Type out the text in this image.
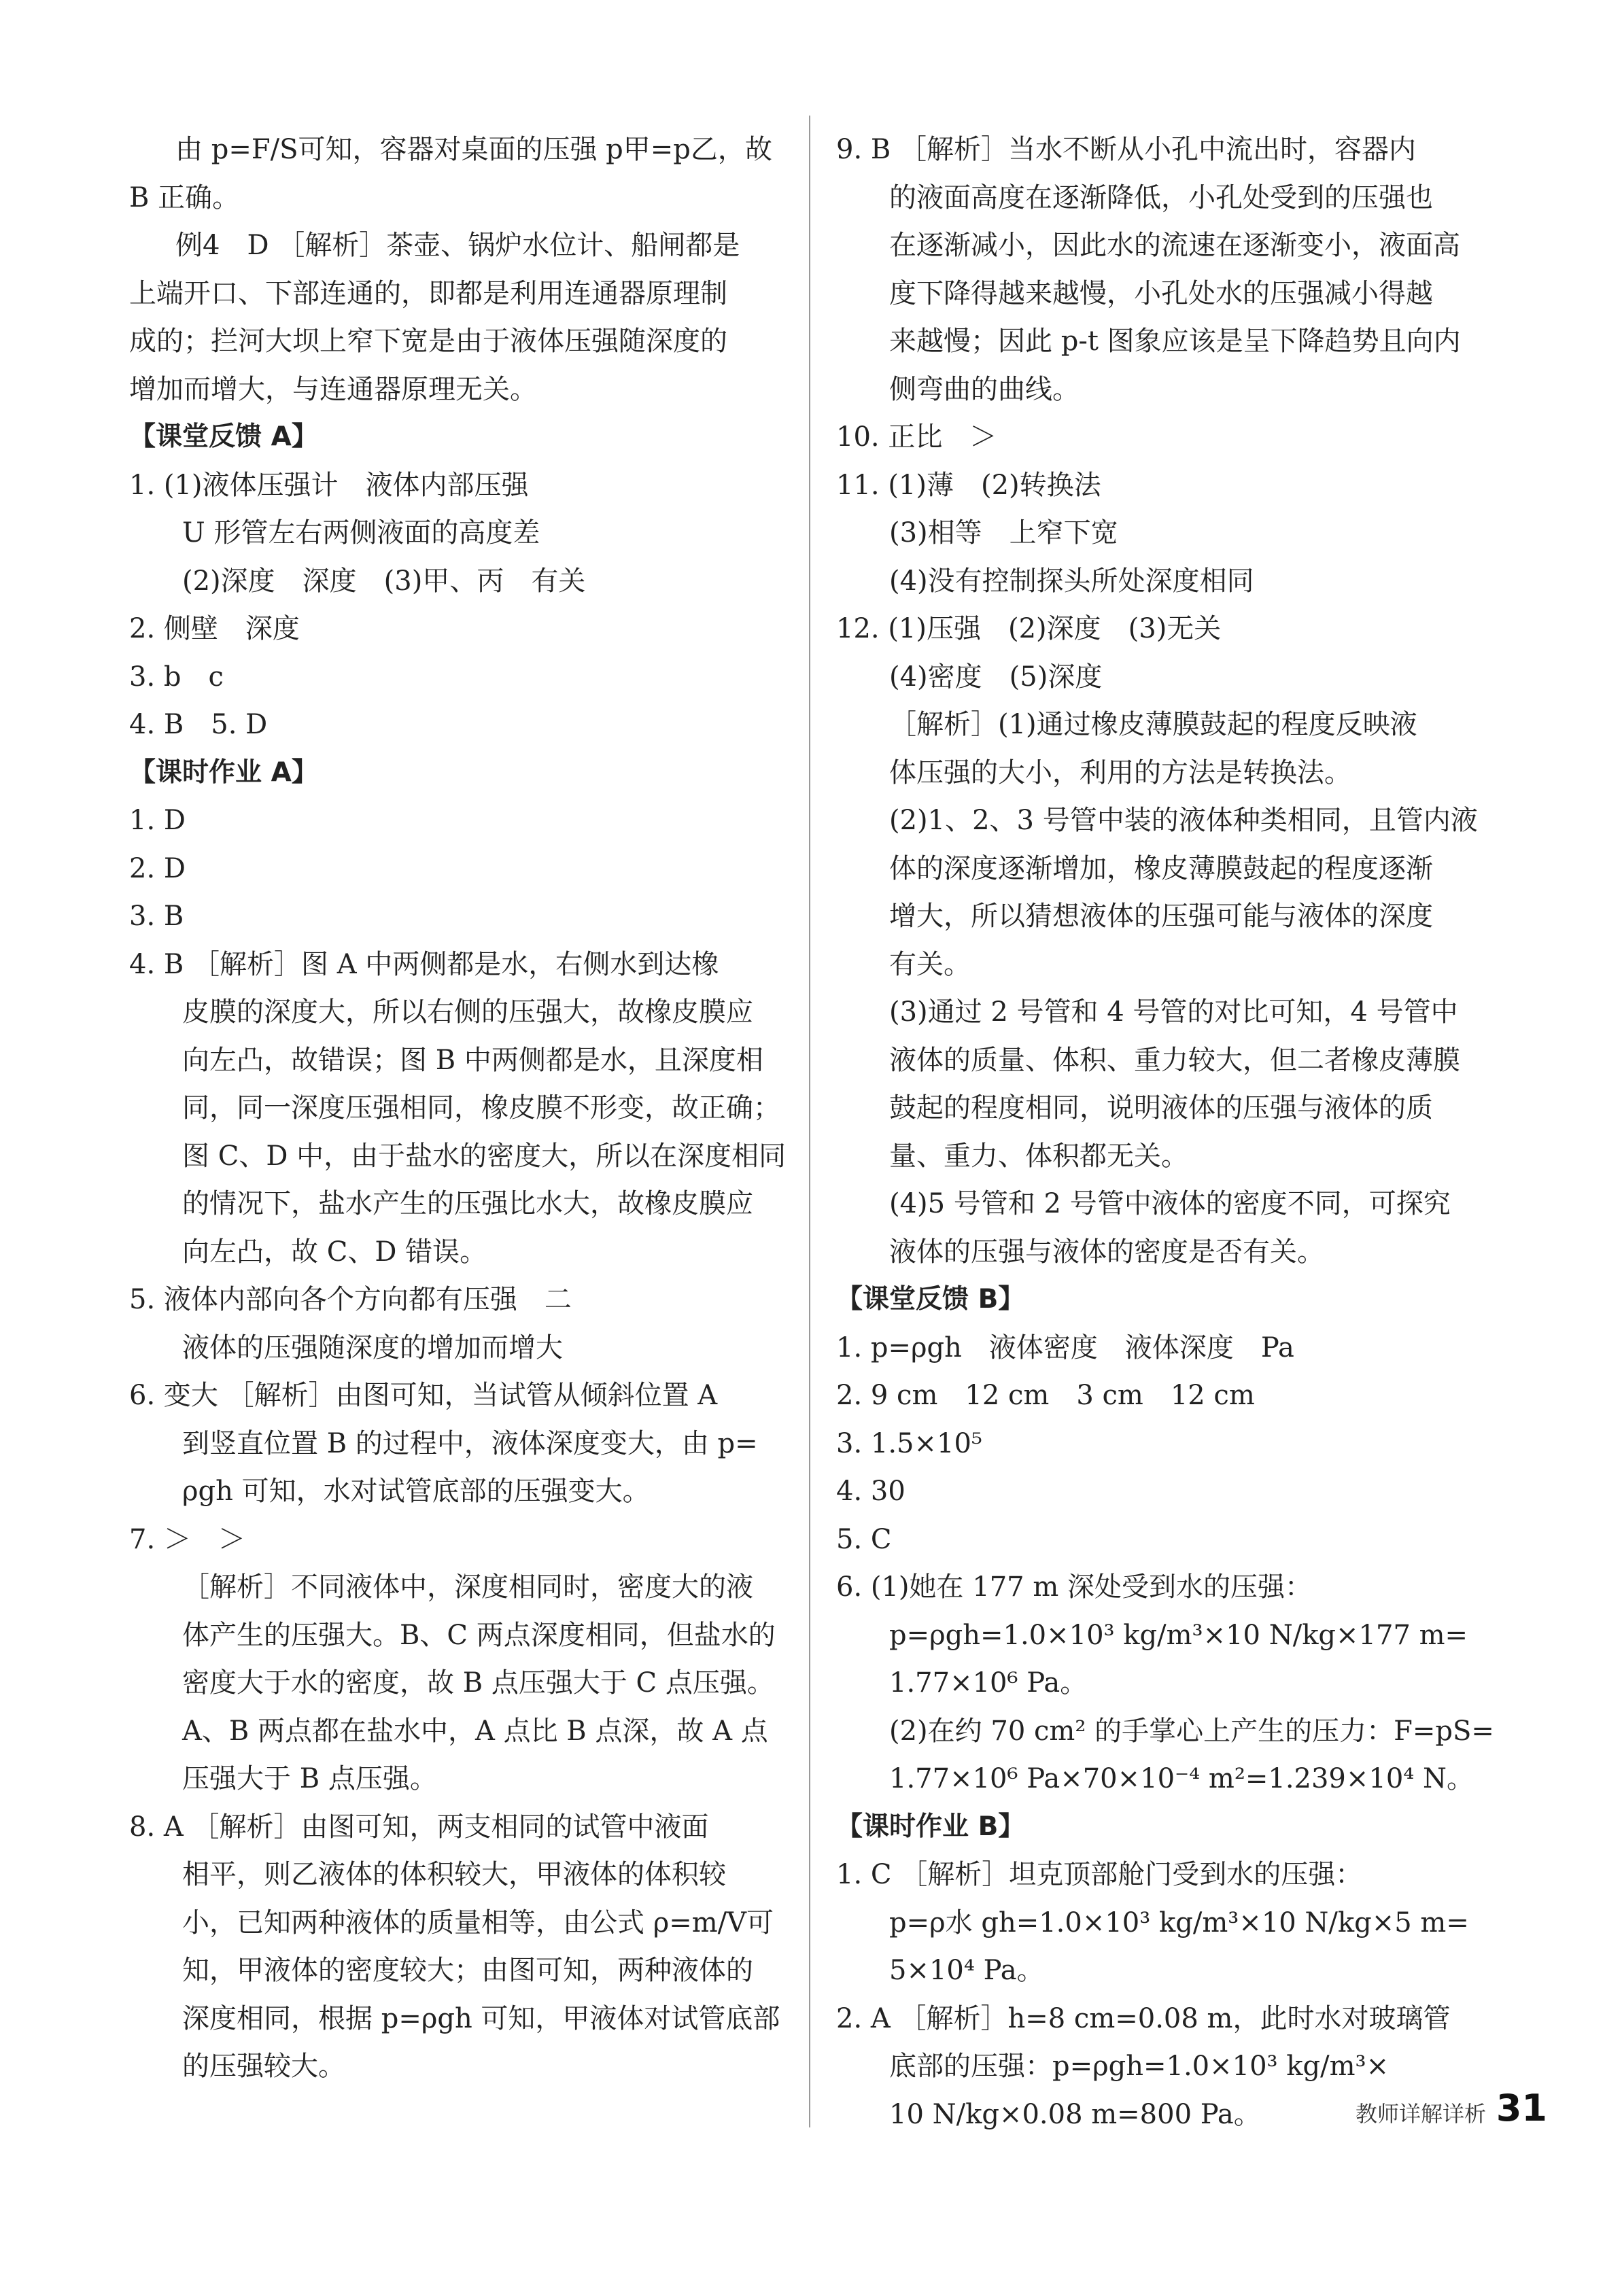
由 p=F/S可知，容器对桌面的压强 p甲=p乙，故
B 正确。
例4　D ［解析］茶壶、锅炉水位计、船闸都是
上端开口、下部连通的，即都是利用连通器原理制
成的；拦河大坝上窄下宽是由于液体压强随深度的
增加而增大，与连通器原理无关。
【课堂反馈 A】
1. (1)液体压强计　液体内部压强
U 形管左右两侧液面的高度差
(2)深度　深度　(3)甲、丙　有关
2. 侧壁　深度
3. b　c
4. B　5. D
【课时作业 A】
1. D
2. D
3. B
4. B ［解析］图 A 中两侧都是水，右侧水到达橡
皮膜的深度大，所以右侧的压强大，故橡皮膜应
向左凸，故错误；图 B 中两侧都是水，且深度相
同，同一深度压强相同，橡皮膜不形变，故正确；
图 C、D 中，由于盐水的密度大，所以在深度相同
的情况下，盐水产生的压强比水大，故橡皮膜应
向左凸，故 C、D 错误。
5. 液体内部向各个方向都有压强　二
液体的压强随深度的增加而增大
6. 变大 ［解析］由图可知，当试管从倾斜位置 A
到竖直位置 B 的过程中，液体深度变大，由 p=
ρgh 可知，水对试管底部的压强变大。
7. ＞　＞
［解析］不同液体中，深度相同时，密度大的液
体产生的压强大。B、C 两点深度相同，但盐水的
密度大于水的密度，故 B 点压强大于 C 点压强。
A、B 两点都在盐水中，A 点比 B 点深，故 A 点
压强大于 B 点压强。
8. A ［解析］由图可知，两支相同的试管中液面
相平，则乙液体的体积较大，甲液体的体积较
小，已知两种液体的质量相等，由公式 ρ=m/V可
知，甲液体的密度较大；由图可知，两种液体的
深度相同，根据 p=ρgh 可知，甲液体对试管底部
的压强较大。
9. B ［解析］当水不断从小孔中流出时，容器内
的液面高度在逐渐降低，小孔处受到的压强也
在逐渐减小，因此水的流速在逐渐变小，液面高
度下降得越来越慢，小孔处水的压强减小得越
来越慢；因此 p-t 图象应该是呈下降趋势且向内
侧弯曲的曲线。
10. 正比　＞
11. (1)薄　(2)转换法
(3)相等　上窄下宽
(4)没有控制探头所处深度相同
12. (1)压强　(2)深度　(3)无关
(4)密度　(5)深度
［解析］(1)通过橡皮薄膜鼓起的程度反映液
体压强的大小，利用的方法是转换法。
(2)1、2、3 号管中装的液体种类相同，且管内液
体的深度逐渐增加，橡皮薄膜鼓起的程度逐渐
增大，所以猜想液体的压强可能与液体的深度
有关。
(3)通过 2 号管和 4 号管的对比可知，4 号管中
液体的质量、体积、重力较大，但二者橡皮薄膜
鼓起的程度相同，说明液体的压强与液体的质
量、重力、体积都无关。
(4)5 号管和 2 号管中液体的密度不同，可探究
液体的压强与液体的密度是否有关。
【课堂反馈 B】
1. p=ρgh　液体密度　液体深度　Pa
2. 9 cm　12 cm　3 cm　12 cm
3. 1.5×10⁵
4. 30
5. C
6. (1)她在 177 m 深处受到水的压强：
p=ρgh=1.0×10³ kg/m³×10 N/kg×177 m=
1.77×10⁶ Pa。
(2)在约 70 cm² 的手掌心上产生的压力：F=pS=
1.77×10⁶ Pa×70×10⁻⁴ m²=1.239×10⁴ N。
【课时作业 B】
1. C ［解析］坦克顶部舱门受到水的压强：
p=ρ水 gh=1.0×10³ kg/m³×10 N/kg×5 m=
5×10⁴ Pa。
2. A ［解析］h=8 cm=0.08 m，此时水对玻璃管
底部的压强：p=ρgh=1.0×10³ kg/m³×
10 N/kg×0.08 m=800 Pa。	教师详解详析 31
